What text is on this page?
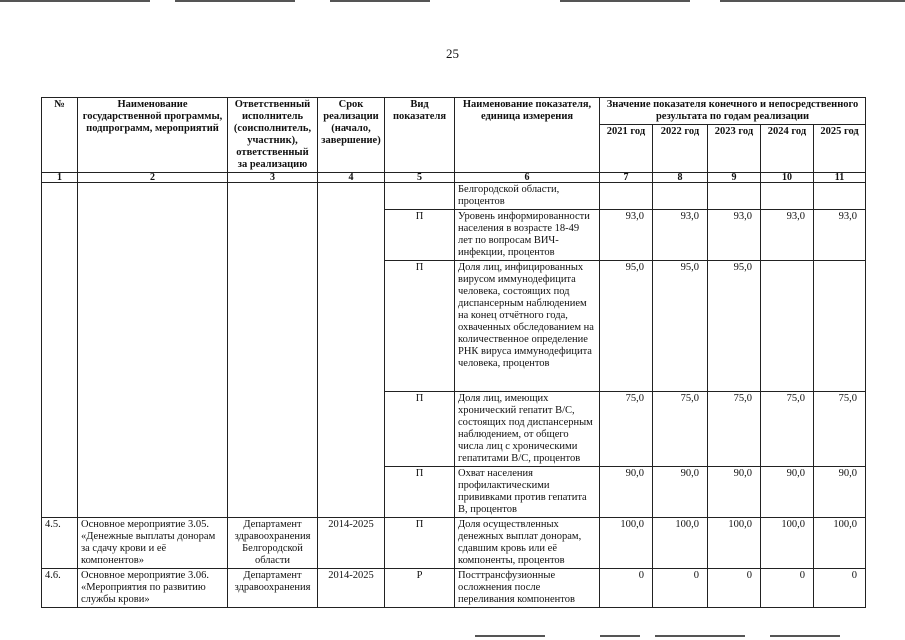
25
№	Наименование государственной программы, подпрограмм, мероприятий	Ответственный исполнитель (соисполнитель, участник), ответственный за реализацию	Срок реализации (начало, завершение)	Вид показателя	Наименование показателя, единица измерения	Значение показателя конечного и непосредственного результата по годам реализации				
						2021 год	2022 год	2023 год	2024 год	2025 год
1	2	3	4	5	6	7	8	9	10	11
					Белгородской области, процентов					
				П	Уровень информированности населения в возрасте 18-49 лет по вопросам ВИЧ-инфекции, процентов	93,0	93,0	93,0	93,0	93,0
				П	Доля лиц, инфицированных вирусом иммунодефицита человека, состоящих под диспансерным наблюдением на конец отчётного года, охваченных обследованием на количественное определение РНК вируса иммунодефицита человека, процентов	95,0	95,0	95,0		
				П	Доля лиц, имеющих хронический гепатит В/С, состоящих под диспансерным наблюдением, от общего числа лиц с хроническими гепатитами В/С, процентов	75,0	75,0	75,0	75,0	75,0
				П	Охват населения профилактическими прививками против гепатита В, процентов	90,0	90,0	90,0	90,0	90,0
4.5.	Основное мероприятие 3.05. «Денежные выплаты донорам за сдачу крови и её компонентов»	Департамент здравоохранения Белгородской области	2014-2025	П	Доля осуществленных денежных выплат донорам, сдавшим кровь или её компоненты, процентов	100,0	100,0	100,0	100,0	100,0
4.6.	Основное мероприятие 3.06. «Мероприятия по развитию службы крови»	Департамент здравоохранения	2014-2025	Р	Посттрансфузионные осложнения после переливания компонентов	0	0	0	0	0
